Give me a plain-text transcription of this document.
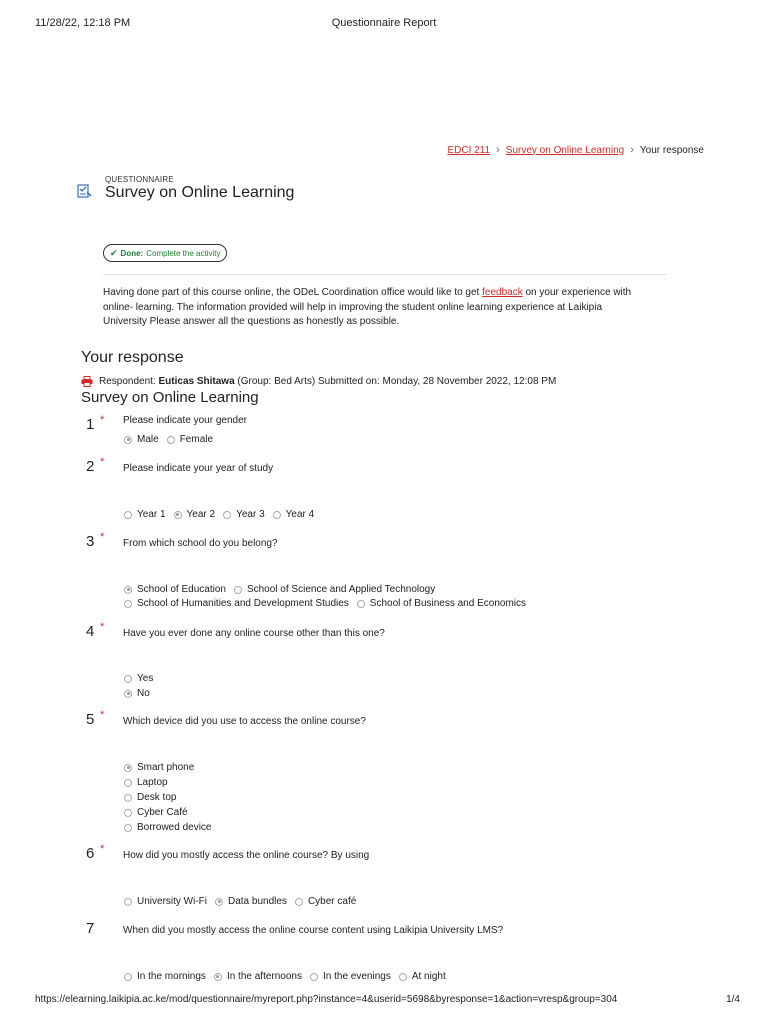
11/28/22, 12:18 PM	Questionnaire Report
EDCI 211 › Survey on Online Learning › Your response
QUESTIONNAIRE
Survey on Online Learning
✔ Done: Complete the activity
Having done part of this course online, the ODeL Coordination office would like to get feedback on your experience with
online- learning. The information provided will help in improving the student online learning experience at Laikipia
University Please answer all the questions as honestly as possible.
Your response
Respondent: Euticas Shitawa (Group: Bed Arts) Submitted on: Monday, 28 November 2022, 12:08 PM
Survey on Online Learning
1 * Please indicate your gender
Male Female
2 *
Please indicate your year of study
Year 1 Year 2 Year 3 Year 4
3 *
From which school do you belong?
School of Education School of Science and Applied Technology
School of Humanities and Development Studies School of Business and Economics
4 *
Have you ever done any online course other than this one?
Yes
No
5 *
Which device did you use to access the online course?
Smart phone
Laptop
Desk top
Cyber Café
Borrowed device
6 *
How did you mostly access the online course? By using
University Wi-Fi Data bundles Cyber café
7	When did you mostly access the online course content using Laikipia University LMS?
In the mornings In the afternoons In the evenings At night
https://elearning.laikipia.ac.ke/mod/questionnaire/myreport.php?instance=4&userid=5698&byresponse=1&action=vresp&group=304	1/4
